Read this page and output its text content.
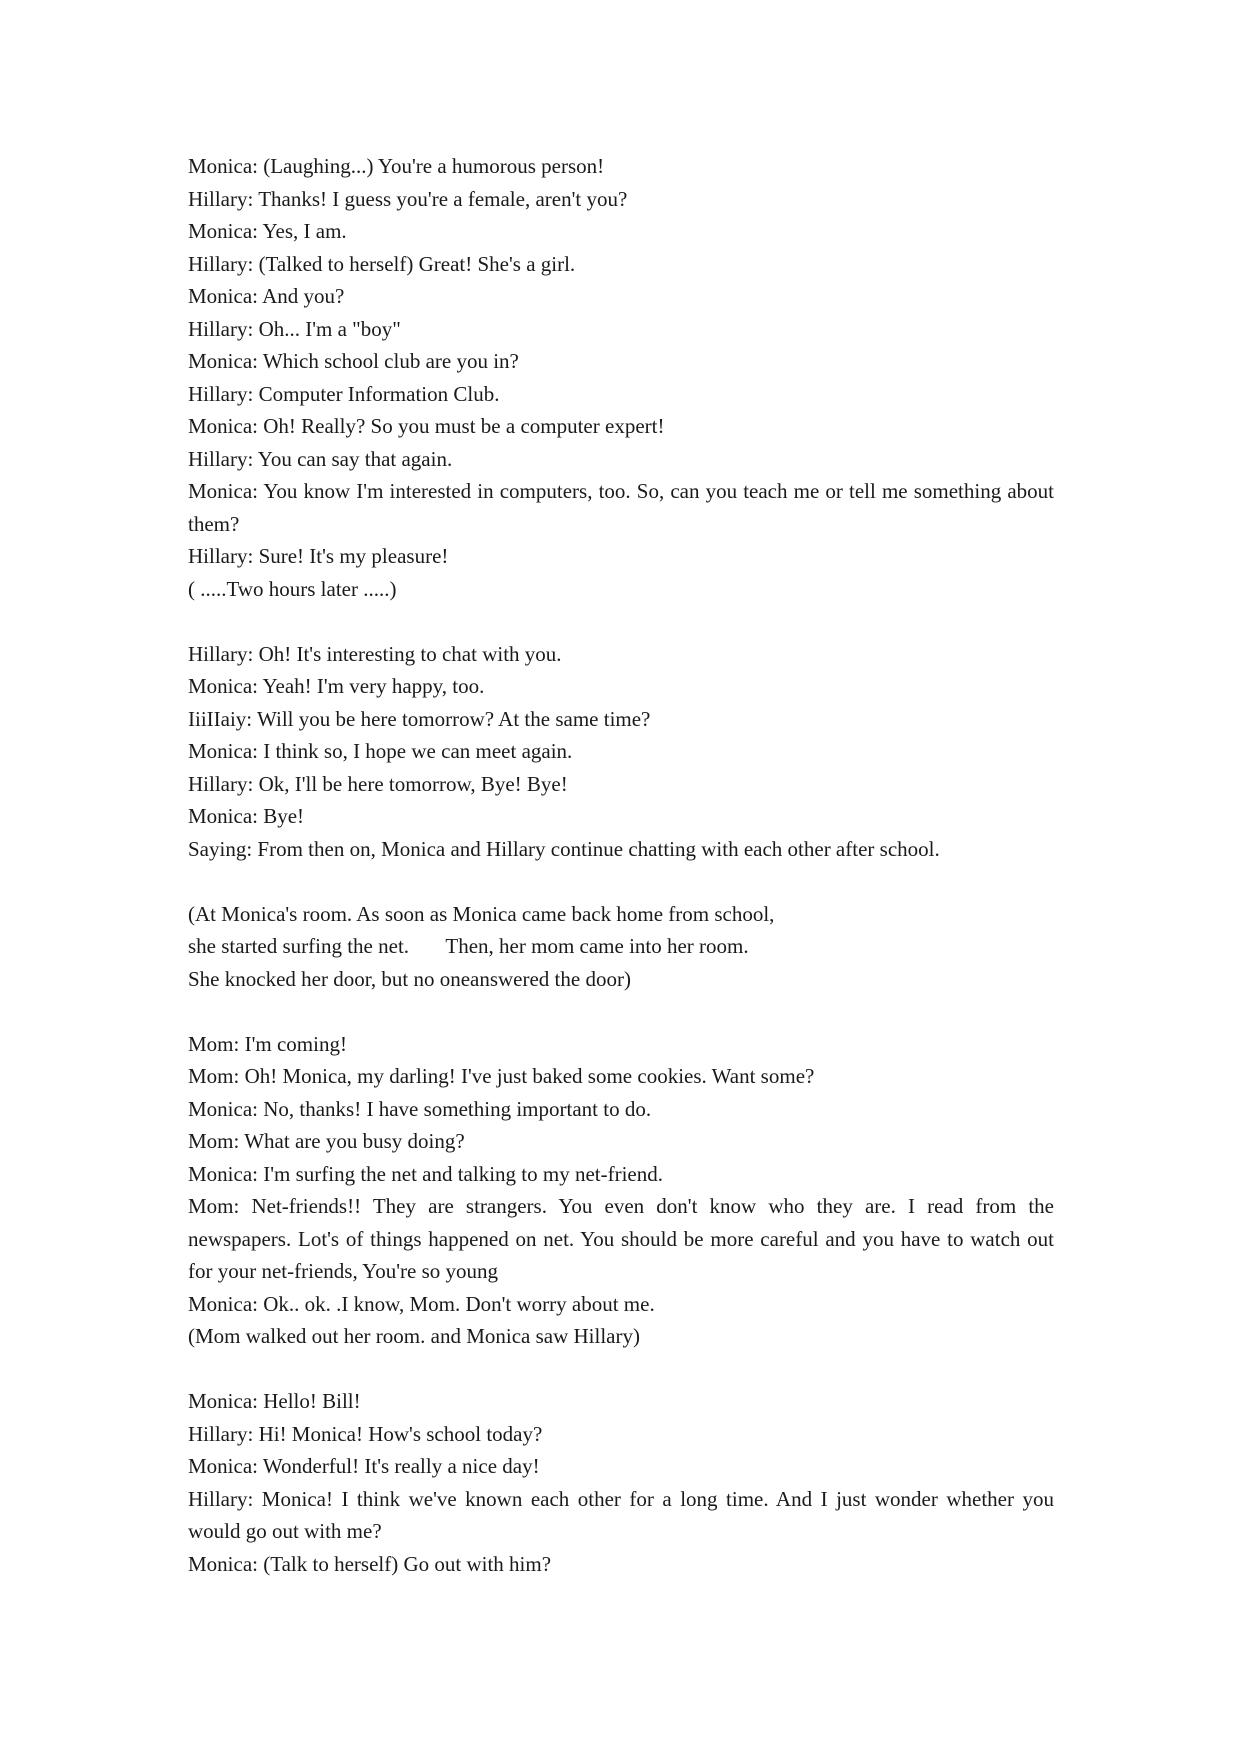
Monica: (Laughing...) You're a humorous person!
Hillary: Thanks! I guess you're a female, aren't you?
Monica: Yes, I am.
Hillary: (Talked to herself) Great! She's a girl.
Monica: And you?
Hillary: Oh... I'm a "boy"
Monica: Which school club are you in?
Hillary: Computer Information Club.
Monica: Oh! Really? So you must be a computer expert!
Hillary: You can say that again.
Monica: You know I'm interested in computers, too. So, can you teach me or tell me something about them?
Hillary: Sure! It's my pleasure!
( .....Two hours later .....)
Hillary: Oh! It's interesting to chat with you.
Monica: Yeah! I'm very happy, too.
IiiIIaiy: Will you be here tomorrow? At the same time?
Monica: I think so, I hope we can meet again.
Hillary: Ok, I'll be here tomorrow, Bye! Bye!
Monica: Bye!
Saying: From then on, Monica and Hillary continue chatting with each other after school.
(At Monica's room. As soon as Monica came back home from school,
she started surfing the net.       Then, her mom came into her room.
She knocked her door, but no oneanswered the door)
Mom: I'm coming!
Mom: Oh! Monica, my darling! I've just baked some cookies. Want some?
Monica: No, thanks! I have something important to do.
Mom: What are you busy doing?
Monica: I'm surfing the net and talking to my net-friend.
Mom: Net-friends!! They are strangers. You even don't know who they are. I read from the newspapers. Lot's of things happened on net. You should be more careful and you have to watch out for your net-friends, You're so young
Monica: Ok.. ok. .I know, Mom. Don't worry about me.
(Mom walked out her room. and Monica saw Hillary)
Monica: Hello! Bill!
Hillary: Hi! Monica! How's school today?
Monica: Wonderful! It's really a nice day!
Hillary: Monica! I think we've known each other for a long time. And I just wonder whether you would go out with me?
Monica: (Talk to herself) Go out with him?
